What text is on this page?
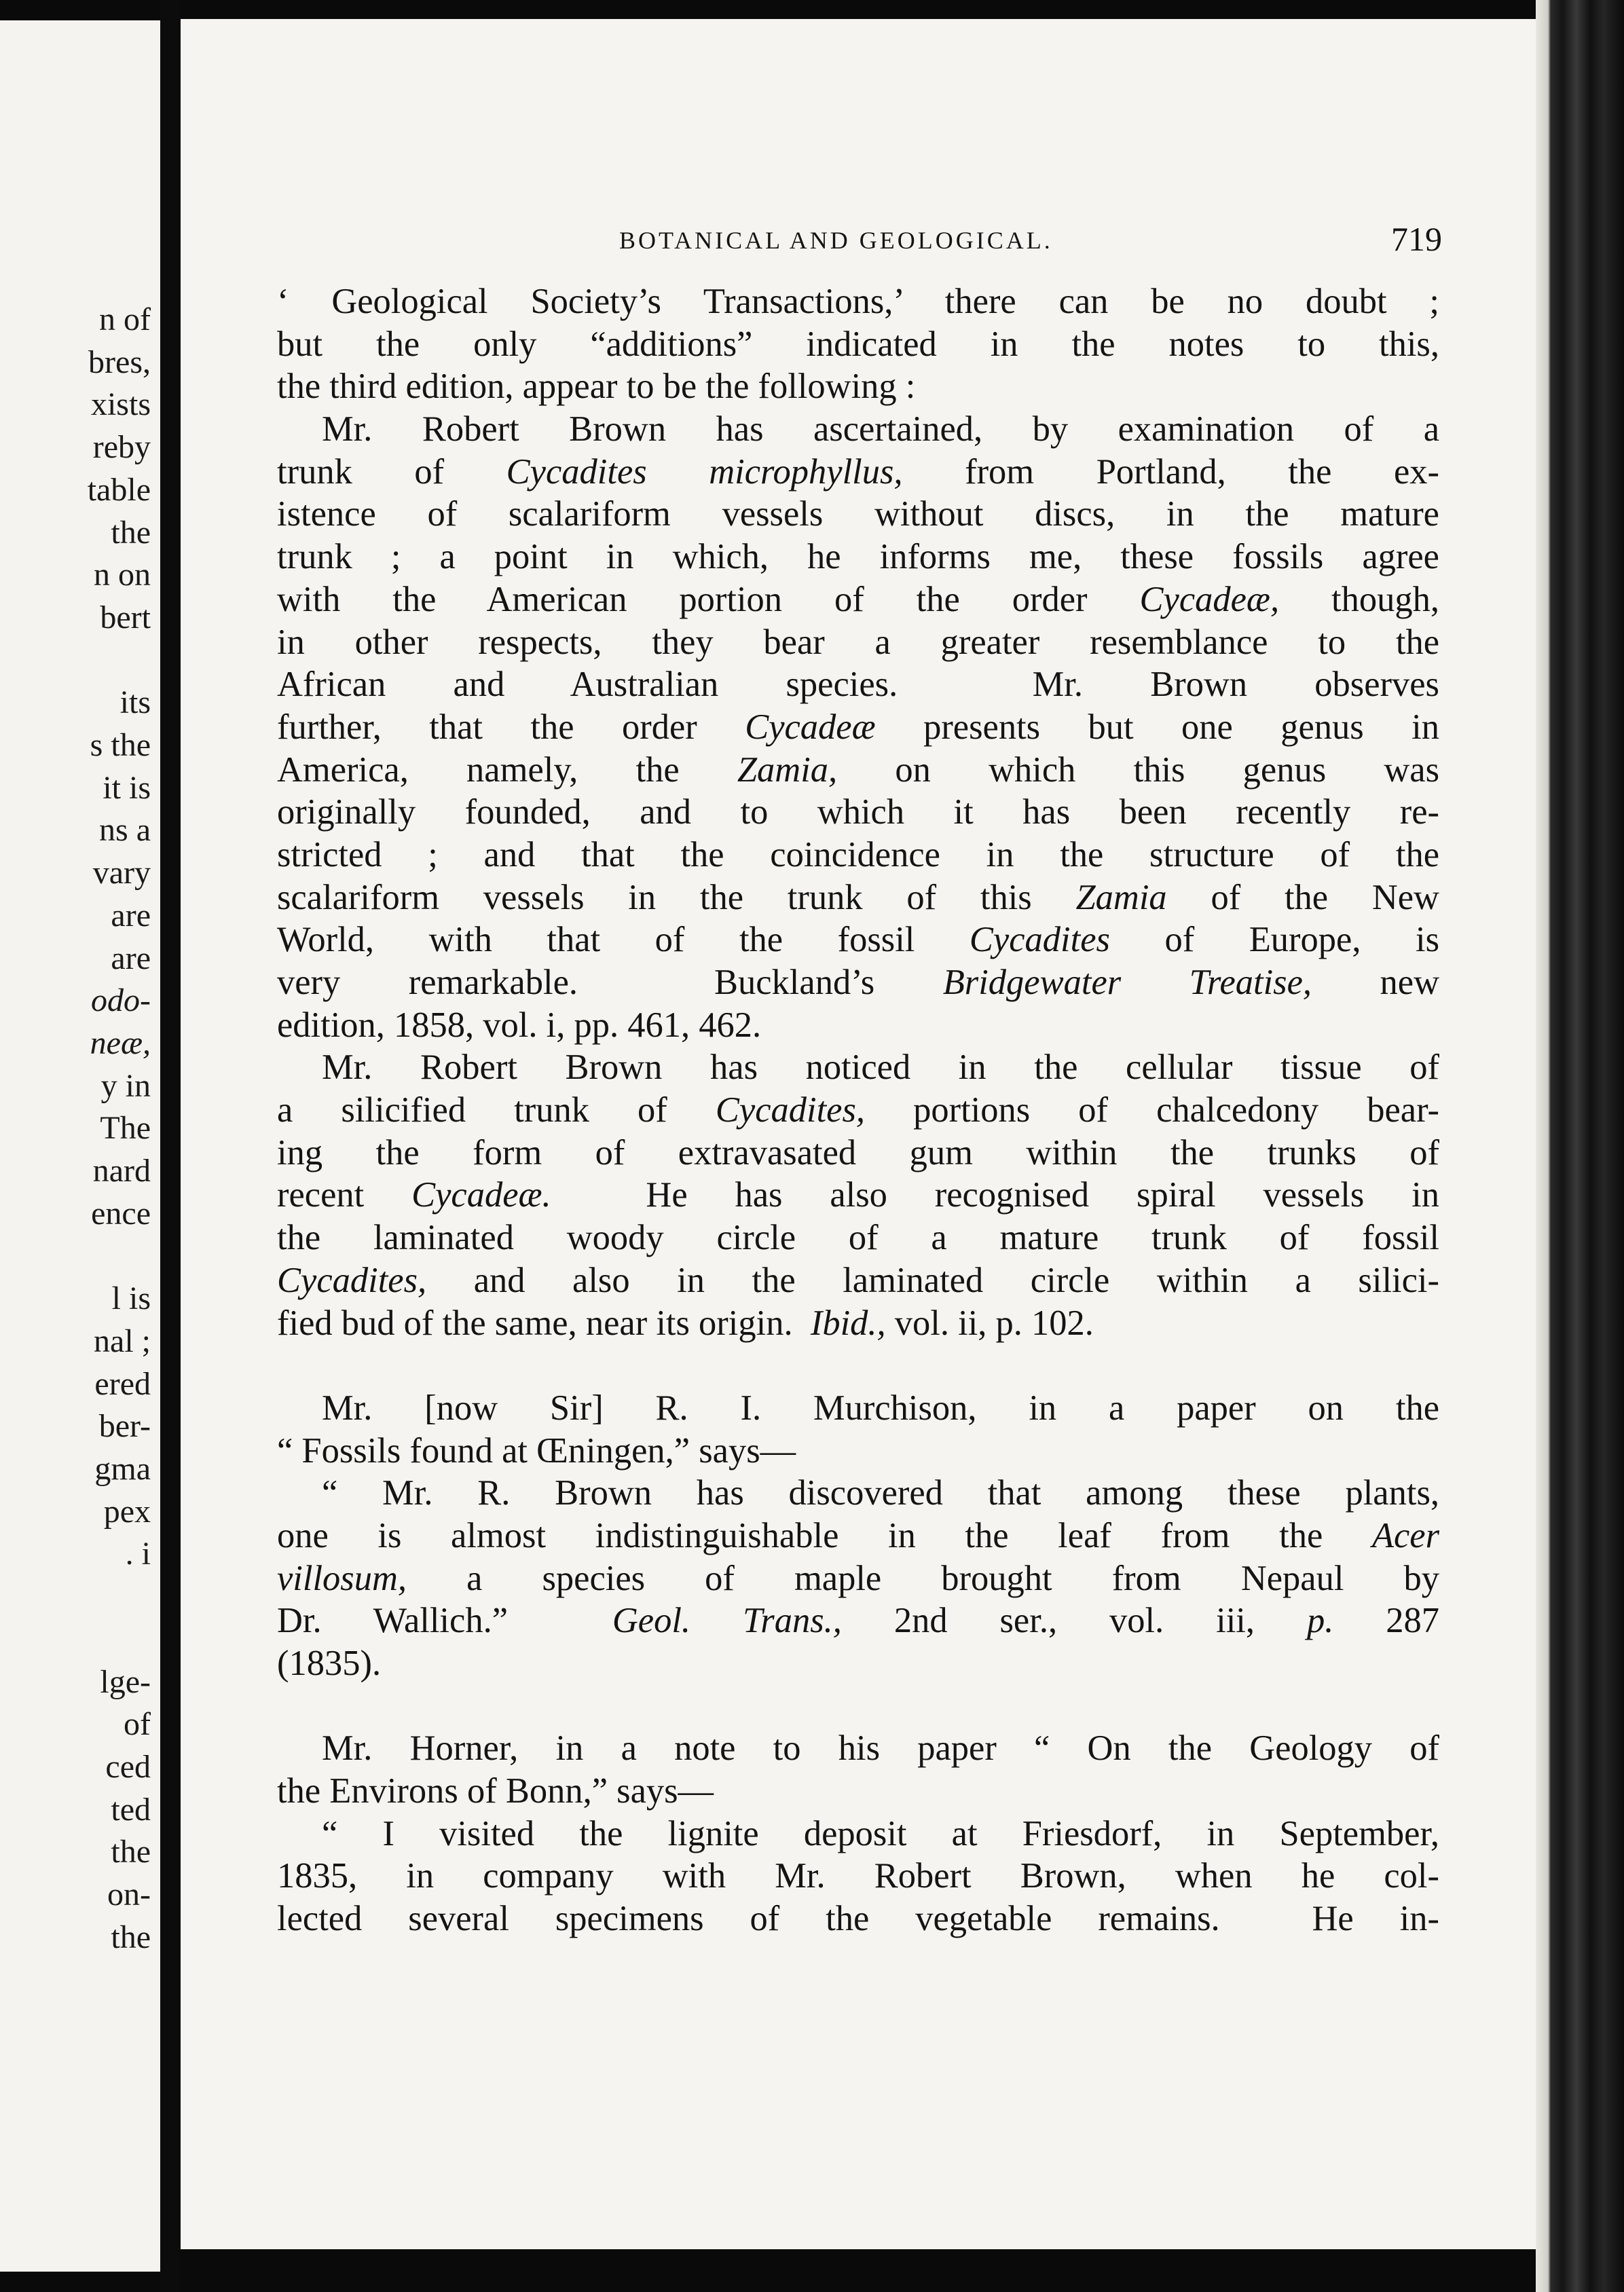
n of
bres,
xists
reby
table
the
n on
bert

its
s the
it is
ns a
vary
are
are
odo-
neæ,
y in
The
nard
ence

l is
nal ;
ered
ber-
gma
pex
. i

lge-
of
ced
ted
the
on-
the
BOTANICAL AND GEOLOGICAL.	719
‘ Geological Society’s Transactions,’ there can be no doubt ;
but the only “additions” indicated in the notes to this,
the third edition, appear to be the following :
Mr. Robert Brown has ascertained, by examination of a
trunk of Cycadites microphyllus, from Portland, the ex-
istence of scalariform vessels without discs, in the mature
trunk ; a point in which, he informs me, these fossils agree
with the American portion of the order Cycadeæ, though,
in other respects, they bear a greater resemblance to the
African and Australian species.  Mr. Brown observes
further, that the order Cycadeæ presents but one genus in
America, namely, the Zamia, on which this genus was
originally founded, and to which it has been recently re-
stricted ; and that the coincidence in the structure of the
scalariform vessels in the trunk of this Zamia of the New
World, with that of the fossil Cycadites of Europe, is
very remarkable.  Buckland’s Bridgewater Treatise, new
edition, 1858, vol. i, pp. 461, 462.
Mr. Robert Brown has noticed in the cellular tissue of
a silicified trunk of Cycadites, portions of chalcedony bear-
ing the form of extravasated gum within the trunks of
recent Cycadeæ.  He has also recognised spiral vessels in
the laminated woody circle of a mature trunk of fossil
Cycadites, and also in the laminated circle within a silici-
fied bud of the same, near its origin.  Ibid., vol. ii, p. 102.
Mr. [now Sir] R. I. Murchison, in a paper on the
“ Fossils found at Œningen,” says—
“ Mr. R. Brown has discovered that among these plants,
one is almost indistinguishable in the leaf from the Acer
villosum, a species of maple brought from Nepaul by
Dr. Wallich.”  Geol. Trans., 2nd ser., vol. iii, p. 287
(1835).
Mr. Horner, in a note to his paper “ On the Geology of
the Environs of Bonn,” says—
“ I visited the lignite deposit at Friesdorf, in September,
1835, in company with Mr. Robert Brown, when he col-
lected several specimens of the vegetable remains.  He in-
